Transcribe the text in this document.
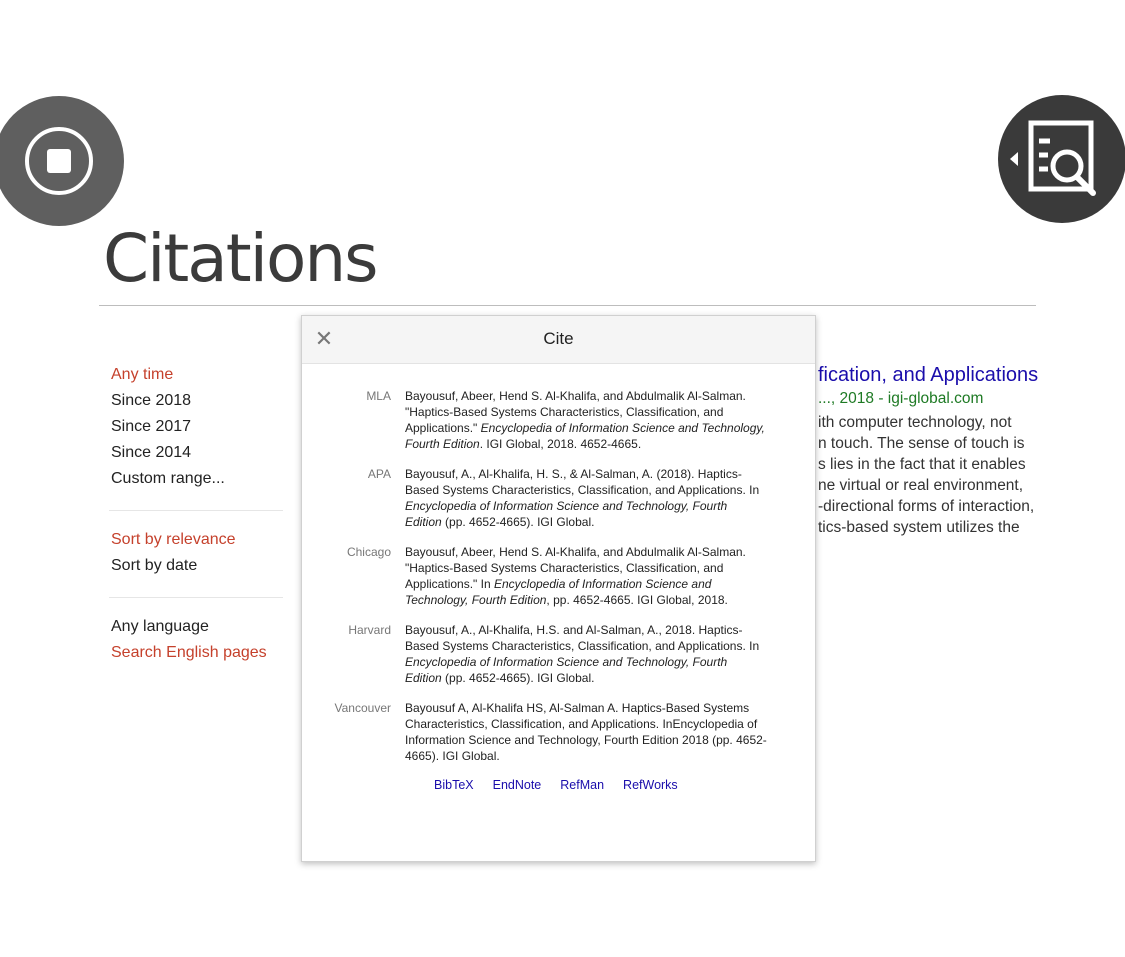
Citations
Any time
Since 2018
Since 2017
Since 2014
Custom range...
Sort by relevance
Sort by date
Any language
Search English pages
fication, and Applications
..., 2018 - igi-global.com
ith computer technology, not
n touch. The sense of touch is
s lies in the fact that it enables
ne virtual or real environment,
-directional forms of interaction,
tics-based system utilizes the
✕	Cite
MLA	Bayousuf, Abeer, Hend S. Al-Khalifa, and Abdulmalik Al-Salman. "Haptics-Based Systems Characteristics, Classification, and Applications." Encyclopedia of Information Science and Technology, Fourth Edition. IGI Global, 2018. 4652-4665.
APA	Bayousuf, A., Al-Khalifa, H. S., & Al-Salman, A. (2018). Haptics-Based Systems Characteristics, Classification, and Applications. In Encyclopedia of Information Science and Technology, Fourth Edition (pp. 4652-4665). IGI Global.
Chicago	Bayousuf, Abeer, Hend S. Al-Khalifa, and Abdulmalik Al-Salman. "Haptics-Based Systems Characteristics, Classification, and Applications." In Encyclopedia of Information Science and Technology, Fourth Edition, pp. 4652-4665. IGI Global, 2018.
Harvard	Bayousuf, A., Al-Khalifa, H.S. and Al-Salman, A., 2018. Haptics-Based Systems Characteristics, Classification, and Applications. In Encyclopedia of Information Science and Technology, Fourth Edition (pp. 4652-4665). IGI Global.
Vancouver	Bayousuf A, Al-Khalifa HS, Al-Salman A. Haptics-Based Systems Characteristics, Classification, and Applications. InEncyclopedia of Information Science and Technology, Fourth Edition 2018 (pp. 4652-4665). IGI Global.
BibTeX EndNote RefMan RefWorks
